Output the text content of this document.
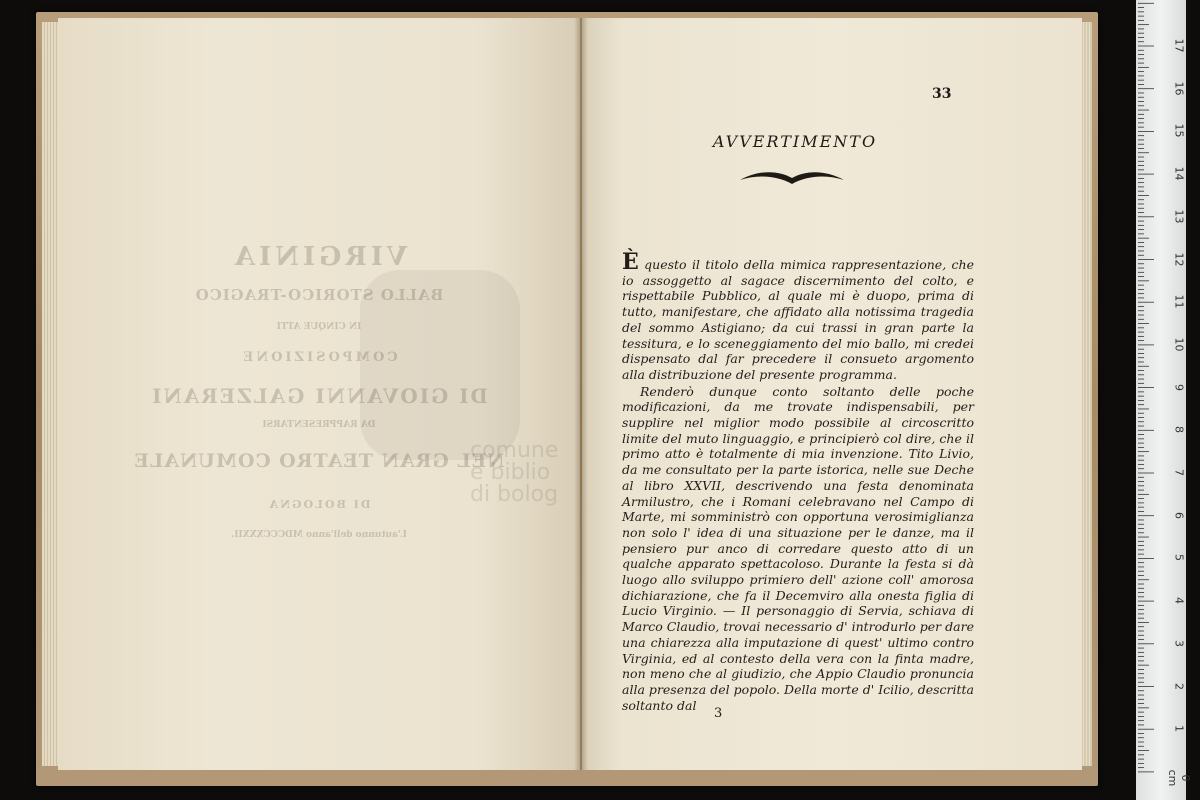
comune
e biblio
di bolog
VIRGINIA
BALLO STORICO-TRAGICO
IN CINQUE ATTI
COMPOSIZIONE
DI GIOVANNI GALZERANI
DA RAPPRESENTARSI
NEL GRAN TEATRO COMUNALE
DI BOLOGNA
L'autunno dell'anno MDCCCXXXII.
33
AVVERTIMENTO

È questo il titolo della mimica rappresentazione, che io assoggetto al sagace discernimento del colto, e rispettabile Pubblico, al quale mi è duopo, prima di tutto, manifestare, che affidato alla notissima tragedia del sommo Astigiano; da cui trassi in gran parte la tessitura, e lo sceneggiamento del mio ballo, mi credei dispensato dal far precedere il consueto argomento alla distribuzione del presente programma.

Renderò dunque conto soltanto delle poche modificazioni, da me trovate indispensabili, per supplire nel miglior modo possibile al circoscritto limite del muto linguaggio, e principierò col dire, che il primo atto è totalmente di mia invenzione. Tito Livio, da me consultato per la parte istorica, nelle sue Deche al libro XXVII, descrivendo una festa denominata Armilustro, che i Romani celebravano nel Campo di Marte, mi somministrò con opportuna verosimiglianza non solo l' idea di una situazione per le danze, ma il pensiero pur anco di corredare questo atto di un qualche apparato spettacoloso. Durante la festa si dà luogo allo sviluppo primiero dell' azione coll' amorosa dichiarazione, che fa il Decemviro alla onesta figlia di Lucio Virginio. — Il personaggio di Servia, schiava di Marco Claudio, trovai necessario d' introdurlo per dare una chiarezza alla imputazione di quest' ultimo contro Virginia, ed al contesto della vera con la finta madre, non meno che al giudizio, che Appio Claudio pronuncia alla presenza del popolo. Della morte d' Icilio, descritta soltanto dal

3
17
16
15
14
13
12
11
10
9
8
7
6
5
4
3
2
1
0 cm
